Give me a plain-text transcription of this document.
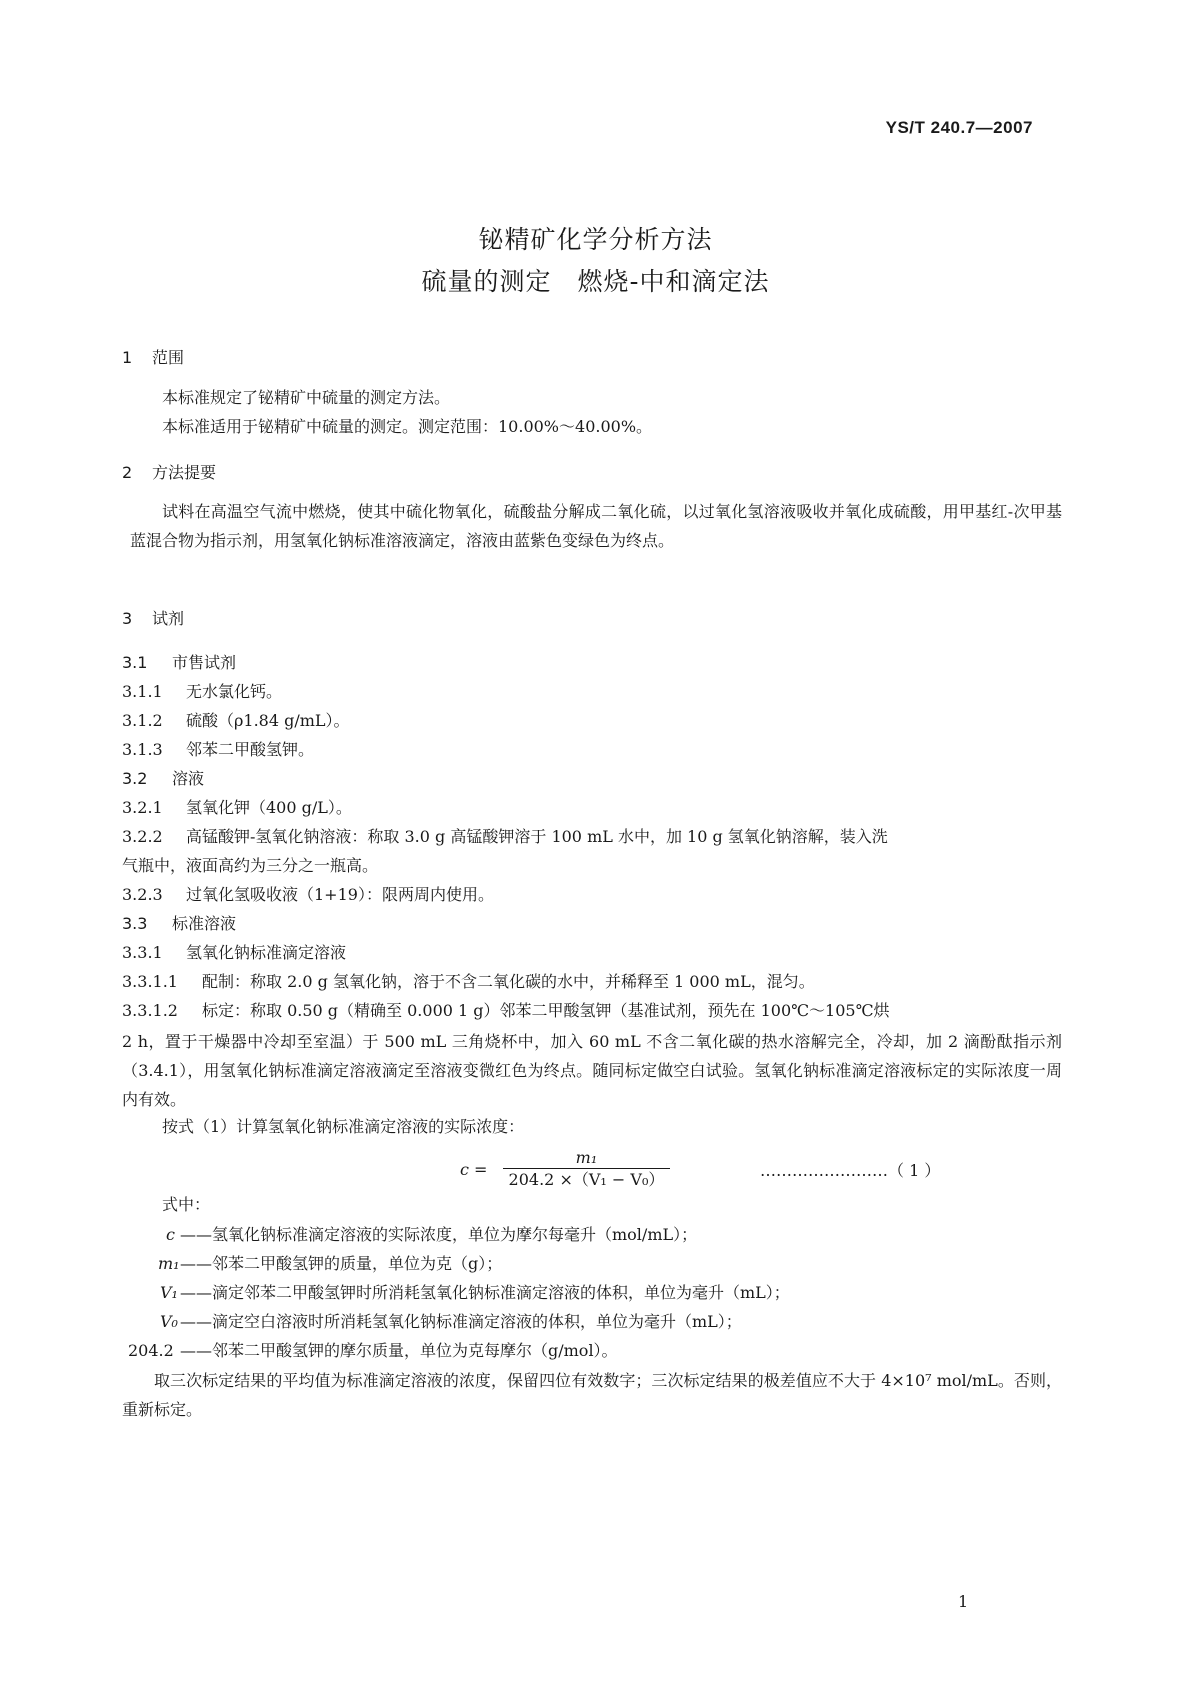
YS/T 240.7—2007
铋精矿化学分析方法
硫量的测定　燃烧-中和滴定法
1 范围
本标准规定了铋精矿中硫量的测定方法。
本标准适用于铋精矿中硫量的测定。测定范围：10.00%～40.00%。
2 方法提要
试料在高温空气流中燃烧，使其中硫化物氧化，硫酸盐分解成二氧化硫，以过氧化氢溶液吸收并氧化成硫酸，用甲基红-次甲基蓝混合物为指示剂，用氢氧化钠标准溶液滴定，溶液由蓝紫色变绿色为终点。
3 试剂
3.1 市售试剂
3.1.1 无水氯化钙。
3.1.2 硫酸（ρ1.84 g/mL）。
3.1.3 邻苯二甲酸氢钾。
3.2 溶液
3.2.1 氢氧化钾（400 g/L）。
3.2.2 高锰酸钾-氢氧化钠溶液：称取 3.0 g 高锰酸钾溶于 100 mL 水中，加 10 g 氢氧化钠溶解，装入洗
气瓶中，液面高约为三分之一瓶高。
3.2.3 过氧化氢吸收液（1+19）：限两周内使用。
3.3 标准溶液
3.3.1 氢氧化钠标准滴定溶液
3.3.1.1 配制：称取 2.0 g 氢氧化钠，溶于不含二氧化碳的水中，并稀释至 1 000 mL，混匀。
3.3.1.2 标定：称取 0.50 g（精确至 0.000 1 g）邻苯二甲酸氢钾（基准试剂，预先在 100℃～105℃烘
2 h，置于干燥器中冷却至室温）于 500 mL 三角烧杯中，加入 60 mL 不含二氧化碳的热水溶解完全，冷却，加 2 滴酚酞指示剂（3.4.1），用氢氧化钠标准滴定溶液滴定至溶液变微红色为终点。随同标定做空白试验。氢氧化钠标准滴定溶液标定的实际浓度一周内有效。
按式（1）计算氢氧化钠标准滴定溶液的实际浓度：
$c = \frac{\text{m₁}}{\text{204.2 ×（V₁ − V₀）}}$	……………………（ 1 ）
式中：
c ——氢氧化钠标准滴定溶液的实际浓度，单位为摩尔每毫升（mol/mL）；
m₁——邻苯二甲酸氢钾的质量，单位为克（g）；
V₁ ——滴定邻苯二甲酸氢钾时所消耗氢氧化钠标准滴定溶液的体积，单位为毫升（mL）；
V₀ ——滴定空白溶液时所消耗氢氧化钠标准滴定溶液的体积，单位为毫升（mL）；
204.2 ——邻苯二甲酸氢钾的摩尔质量，单位为克每摩尔（g/mol）。
取三次标定结果的平均值为标准滴定溶液的浓度，保留四位有效数字；三次标定结果的极差值应不大于 4×10⁷ mol/mL。否则，重新标定。
1
